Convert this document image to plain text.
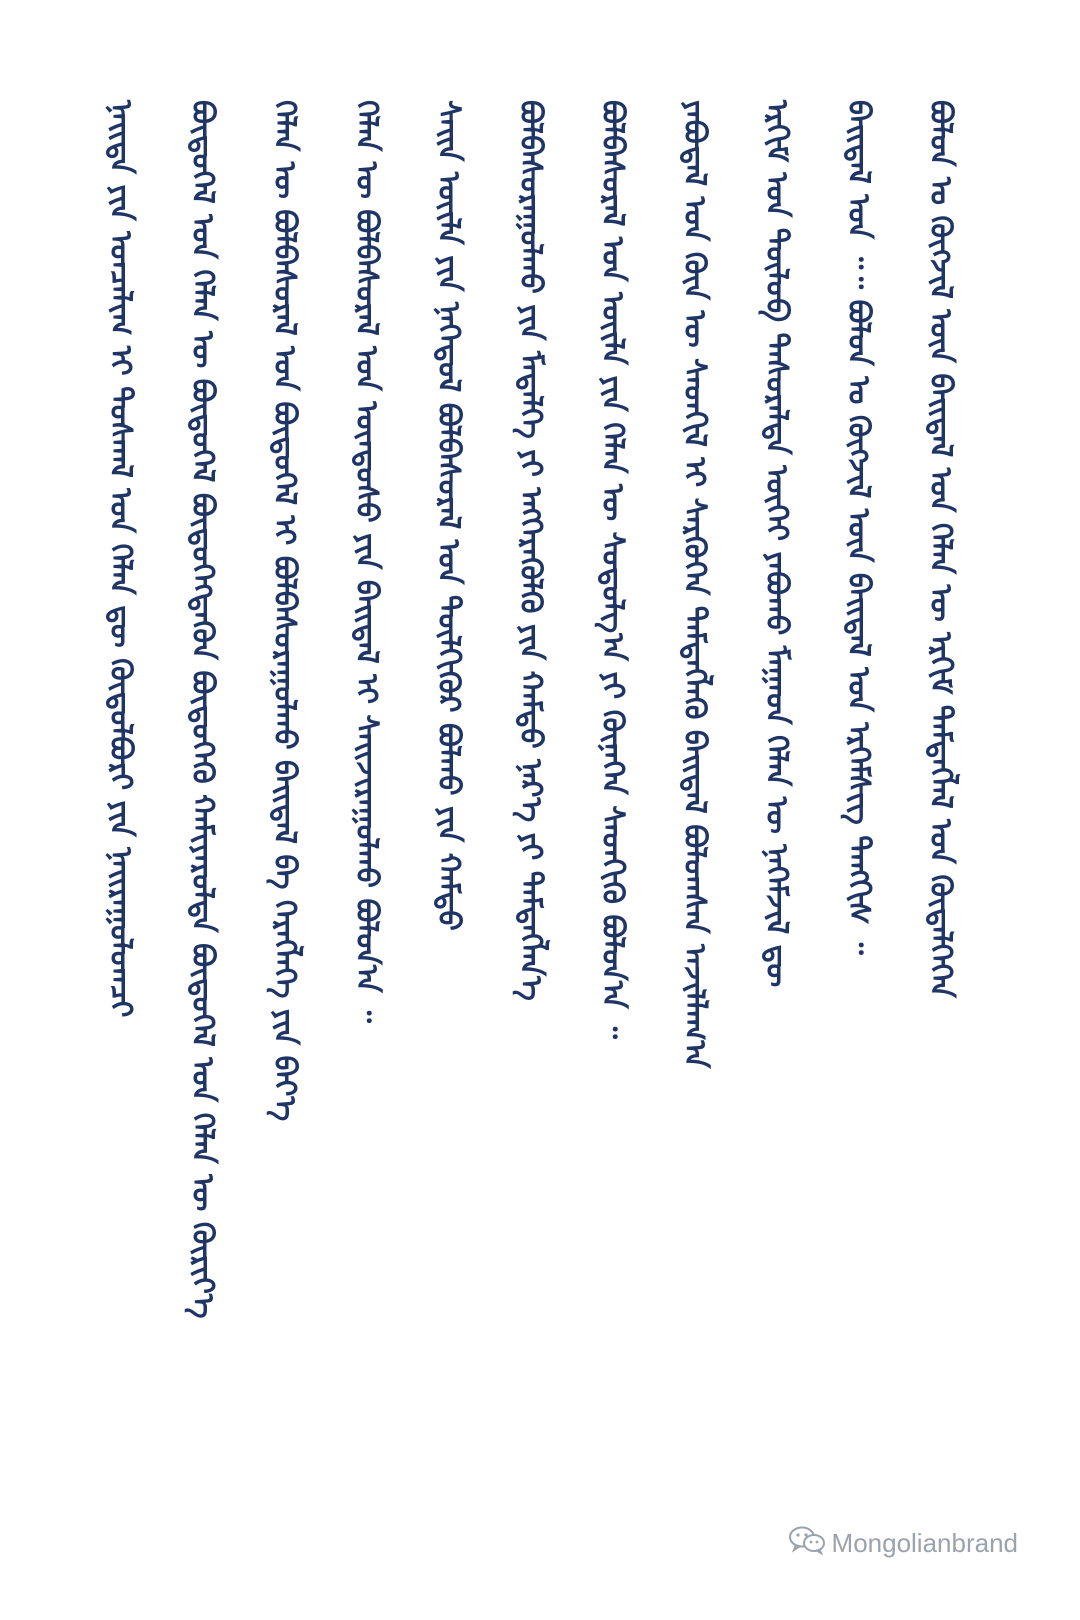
ᠨᠡᠢᠲᠡ ᠶᠢᠨ ᠣᠨᠴᠠᠯᠢᠭ ᠢ ᠲᠤᠰᠬᠠᠯ ᠤᠨ ᠬᠡᠯᠡᠨ ᠳᠦ ᠬᠥᠲᠥᠯᠪᠦᠷᠢ ᠶᠢᠨ ᠨᠠᠢᠷᠠᠭᠤᠯᠤᠭᠴᠢ ᠪᠦᠲᠦᠭᠡᠯ ᠤᠨ ᠬᠡᠯᠡᠨ ᠦ ᠪᠦᠲᠦᠭᠡᠯ ᠪᠦᠲᠦᠭᠡᠭᠳᠡᠬᠦᠨ ᠪᠦᠲᠦᠭᠡᠬᠦ ᠬᠠᠮᠢᠶᠠᠷᠤᠯᠲᠠ ᠪᠦᠲᠦᠭᠡᠯ ᠤᠨ ᠬᠡᠯᠡᠨ ᠦ ᠬᠦᠷᠢᠶ᠎ᠡ ᠬᠡᠯᠡᠨ ᠦ ᠪᠣᠯᠪᠠᠰᠤᠷᠠᠯ ᠤᠨ ᠪᠦᠲᠦᠭᠡᠯ ᠢ ᠪᠣᠯᠪᠠᠰᠤᠷᠠᠭᠤᠯᠬᠤ ᠪᠠᠢᠳᠠᠯ ᠪᠠ ᠬᠡᠷᠡᠭᠯᠡᠭᠡ ᠶᠢᠨ ᠪᠡᠶ᠎ᠡ ᠬᠡᠯᠡᠨ ᠦ ᠪᠣᠯᠪᠠᠰᠤᠷᠠᠯ ᠤᠨ ᠦᠨᠳᠦᠰᠦ ᠶᠢᠨ ᠪᠠᠢᠳᠠᠯ ᠢ ᠰᠠᠢᠵᠢᠷᠠᠭᠤᠯᠬᠤ ᠪᠣᠯᠤᠨ᠎ᠠ ᠃ ᠰᠠᠢᠨ ᠦᠢᠯᠡ ᠶᠢᠨ ᠨᠡᠭᠡᠳᠦᠯ ᠪᠣᠯᠪᠠᠰᠤᠷᠠᠯ ᠤᠨ ᠲᠦᠯᠬᠢᠭᠦᠷ ᠪᠣᠯᠬᠤ ᠶᠢᠨ ᠬᠠᠮᠲᠤ ᠪᠣᠯᠪᠠᠰᠤᠷᠠᠭᠤᠯᠬᠤ ᠶᠢᠨ ᠮᠡᠳᠡᠯᠭᠡ ᠶᠢ ᠡᠩᠬᠡᠷᠡᠭᠦᠯᠬᠦ ᠶᠢᠨ ᠬᠠᠮᠲᠤ ᠨᠡᠷ᠎ᠡ ᠶᠢ ᠲᠡᠮᠳᠡᠭᠯᠡᠨ᠎ᠡ ᠪᠣᠯᠪᠠᠰᠤᠷᠠᠯ ᠤᠨ ᠦᠢᠯᠡ ᠶᠢᠨ ᠬᠡᠯᠡᠨ ᠦ ᠰᠤᠳᠤᠯᠭ᠎ᠠ ᠶᠢ ᠭᠦᠨᠡᠭᠡᠨ ᠰᠡᠳᠬᠢᠬᠦ ᠪᠣᠯᠤᠨ᠎ᠠ ᠃ ᠶᠠᠪᠤᠳᠠᠯ ᠤᠨ ᠬᠦᠨ ᠦ ᠰᠡᠳᠬᠢᠯ ᠢ ᠰᠡᠷᠭᠦᠭᠡᠨ ᠲᠡᠮᠳᠡᠭᠯᠡᠬᠦ ᠪᠠᠢᠳᠠᠯ ᠪᠣᠯᠤᠭᠰᠠᠨ ᠠᠵᠢᠯᠯᠠᠭ᠎ᠠ ᠡᠷᠬᠢᠮ ᠤᠨ ᠲᠥᠯᠦᠪ ᠲᠠᠰᠤᠷᠠᠯᠲᠠ ᠦᠭᠡᠢ ᠶᠠᠪᠤᠬᠤ ᠮᠠᠭᠠᠳ ᠬᠡᠯᠡᠨ ᠦ ᠨᠡᠬᠡᠮᠵᠢᠯ ᠳᠥ ᠪᠠᠢᠳᠠᠯ ᠤᠨ ᠃᠃ ᠪᠣᠯᠤᠨ ᠤ ᠬᠥᠭᠵᠢᠯ ᠦᠨ ᠪᠠᠢᠳᠠᠯ ᠤᠨ ᠡᠷᠬᠡᠮᠰᠢᠭ ᠲᠡᠩᠭᠢᠰ ᠃ ᠪᠣᠯᠤᠨ ᠤ ᠬᠥᠭᠵᠢᠯ ᠦᠨ ᠪᠠᠢᠳᠠᠯ ᠤᠨ ᠬᠡᠯᠡᠨ ᠦ ᠡᠷᠬᠢᠮ ᠲᠡᠮᠳᠡᠭᠯᠡᠯ ᠤᠨ ᠬᠦᠳᠡᠯᠭᠡᠭᠡᠨ
Mongolianbrand
